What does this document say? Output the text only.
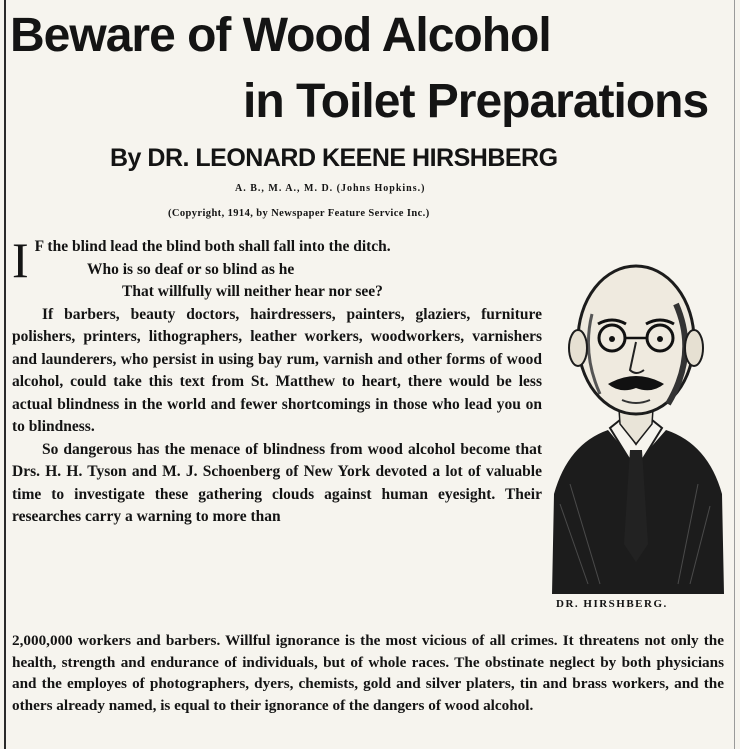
Beware of Wood Alcohol
in Toilet Preparations
By DR. LEONARD KEENE HIRSHBERG

A. B., M. A., M. D. (Johns Hopkins.)

(Copyright, 1914, by Newspaper Feature Service Inc.)

I F the blind lead the blind both shall fall into the ditch.

Who is so deaf or so blind as he

That willfully will neither hear nor see?

If barbers, beauty doctors, hairdressers, painters, glaziers, furniture polishers, printers, lithographers, leather workers, woodworkers, varnishers and launderers, who persist in using bay rum, varnish and other forms of wood alcohol, could take this text from St. Matthew to heart, there would be less actual blindness in the world and fewer shortcomings in those who lead you on to blindness.

So dangerous has the menace of blindness from wood alcohol become that Drs. H. H. Tyson and M. J. Schoenberg of New York devoted a lot of valuable time to investigate these gathering clouds against human eyesight. Their researches carry a warning to more than

2,000,000 workers and barbers. Willful ignorance is the most vicious of all crimes. It threatens not only the health, strength and endurance of individuals, but of whole races. The obstinate neglect by both physicians and the employes of photographers, dyers, chemists, gold and silver platers, tin and brass workers, and the others already named, is equal to their ignorance of the dangers of wood alcohol.

DR. HIRSHBERG.
